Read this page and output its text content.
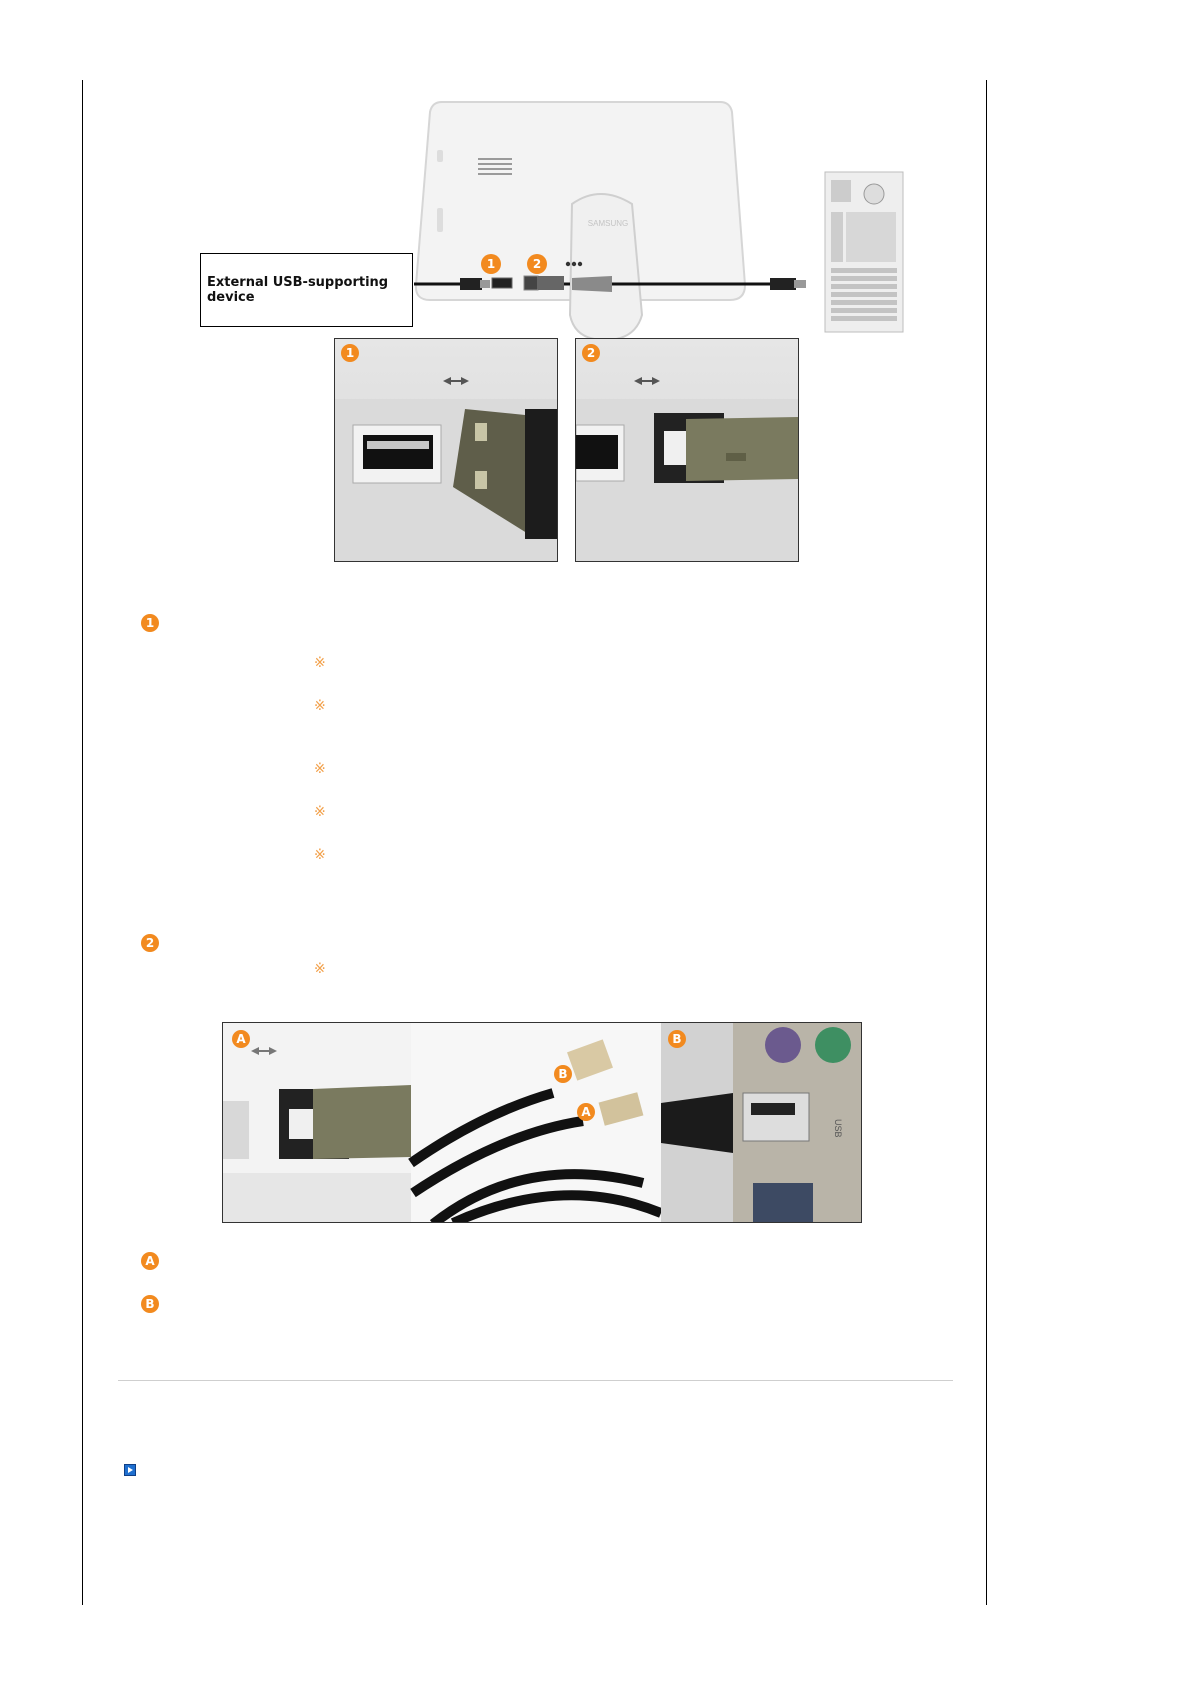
SAMSUNG
1	2
External USB-supporting device
1	2
1
※
※
※
※
※
2
※
USB
A
B
B
A
A
B
